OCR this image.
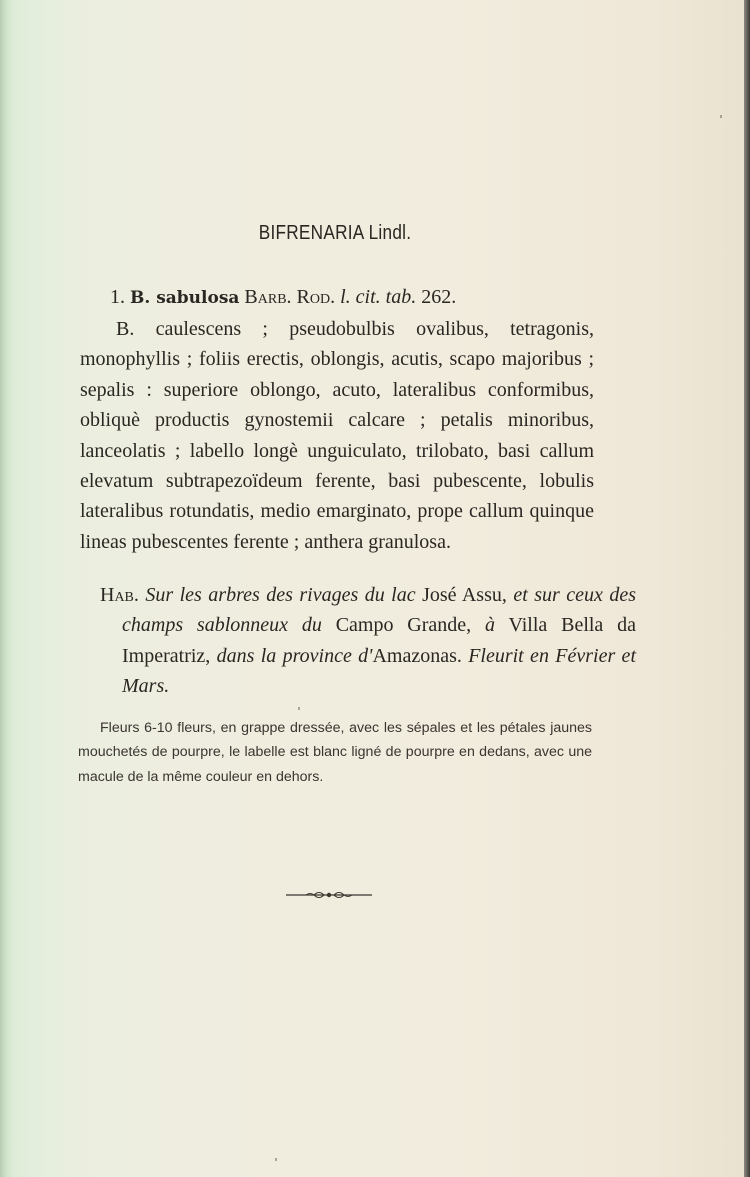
BIFRENARIA Lindl.
1. B. sabulosa Barb. Rod. l. cit. tab. 262.
B. caulescens ; pseudobulbis ovalibus, tetragonis, monophyllis ; foliis erectis, oblongis, acutis, scapo majoribus ; sepalis : superiore oblongo, acuto, lateralibus conformibus, obliquè productis gynostemii calcare ; petalis minoribus, lanceolatis ; labello longè unguiculato, trilobato, basi callum elevatum subtrapezoïdeum ferente, basi pubescente, lobulis lateralibus rotundatis, medio emarginato, prope callum quinque lineas pubescentes ferente ; anthera granulosa.
Hab. Sur les arbres des rivages du lac José Assu, et sur ceux des champs sablonneux du Campo Grande, à Villa Bella da Imperatriz, dans la province d'Amazonas. Fleurit en Février et Mars.
Fleurs 6-10 fleurs, en grappe dressée, avec les sépales et les pétales jaunes mouchetés de pourpre, le labelle est blanc ligné de pourpre en dedans, avec une macule de la même couleur en dehors.
